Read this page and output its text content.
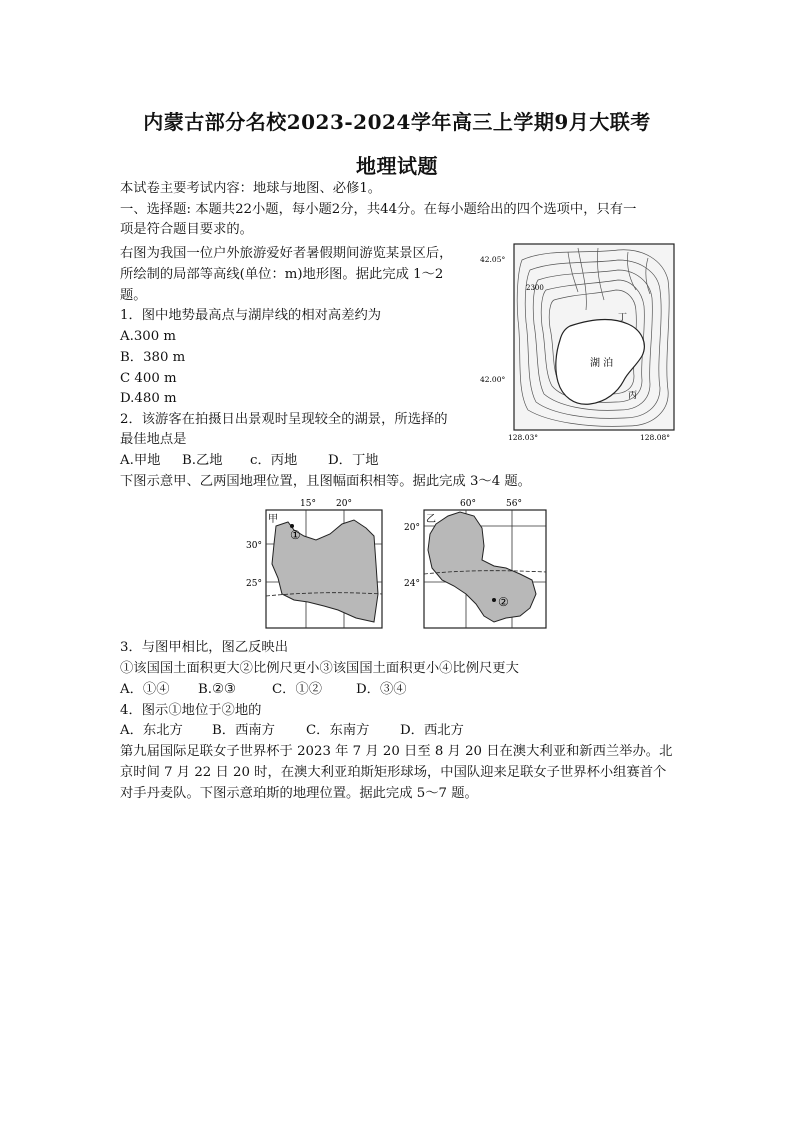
内蒙古部分名校2023-2024学年高三上学期9月大联考
地理试题
本试卷主要考试内容：地球与地图、必修1。
一、选择题: 本题共22小题，每小题2分，共44分。在每小题给出的四个选项中，只有一
项是符合题目要求的。
右图为我国一位户外旅游爱好者暑假期间游览某景区后，
所绘制的局部等高线(单位：m)地形图。据此完成 1～2
题。
1．图中地势最高点与湖岸线的相对高差约为
A.300 m
B．380 m
C 400 m
D.480 m
2．该游客在拍摄日出景观时呈现较全的湖景，所选择的
最佳地点是
A.甲地 B.乙地 c．丙地 D．丁地
下图示意甲、乙两国地理位置，且图幅面积相等。据此完成 3～4 题。
3．与图甲相比，图乙反映出
①该国国土面积更大②比例尺更小③该国国土面积更小④比例尺更大
A．①④ B.②③	C．①②	D．③④
4．图示①地位于②地的
A．东北方 B．西南方 C．东南方 D．西北方
第九届国际足联女子世界杯于 2023 年 7 月 20 日至 8 月 20 日在澳大利亚和新西兰举办。北
京时间 7 月 22 日 20 时，在澳大利亚珀斯矩形球场，中国队迎来足联女子世界杯小组赛首个
对手丹麦队。下图示意珀斯的地理位置。据此完成 5～7 题。
湖 泊
丁
丙
2300
42.05°
42.00°
128.03°	128.08°
①
甲
15° 20°
30°
25°
②
乙
60°	56°
20°
24°
